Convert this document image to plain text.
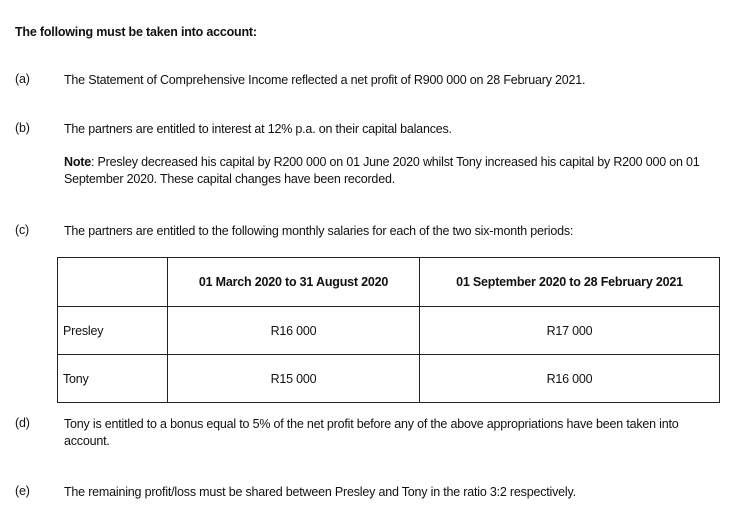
The following must be taken into account:
(a)	The Statement of Comprehensive Income reflected a net profit of R900 000 on 28 February 2021.
(b)	The partners are entitled to interest at 12% p.a. on their capital balances.
Note: Presley decreased his capital by R200 000 on 01 June 2020 whilst Tony increased his capital by R200 000 on 01 September 2020. These capital changes have been recorded.
(c)	The partners are entitled to the following monthly salaries for each of the two six-month periods:
	01 March 2020 to 31 August 2020	01 September 2020 to 28 February 2021
Presley	R16 000	R17 000
Tony	R15 000	R16 000
(d)	Tony is entitled to a bonus equal to 5% of the net profit before any of the above appropriations have been taken into account.
(e)	The remaining profit/loss must be shared between Presley and Tony in the ratio 3:2 respectively.
